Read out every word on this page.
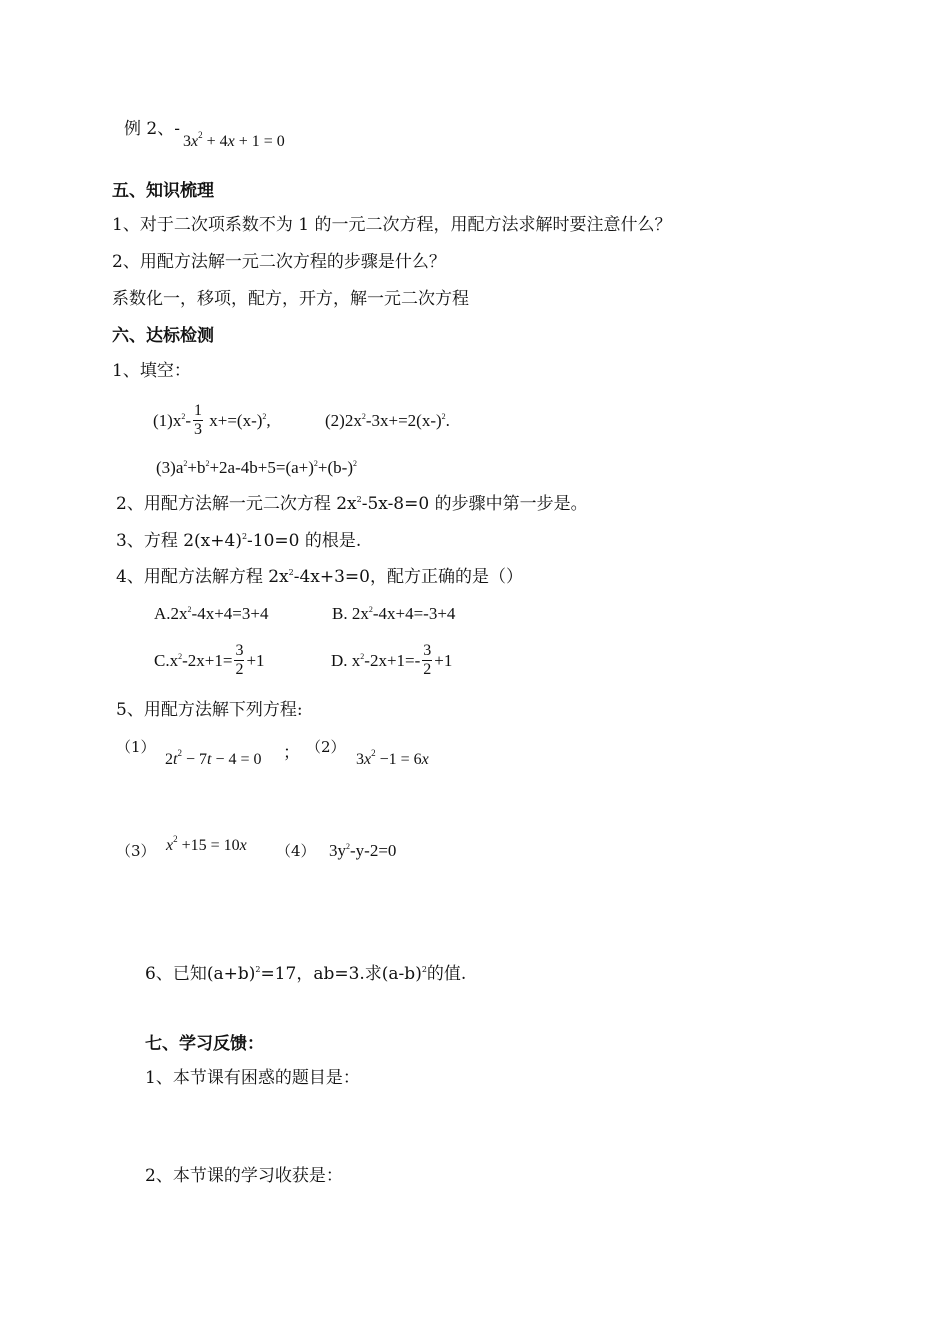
例 2、-
$3x^2 + 4x + 1 = 0$
五、知识梳理
1、对于二次项系数不为 1 的一元二次方程，用配方法求解时要注意什么？
2、用配方法解一元二次方程的步骤是什么？
系数化一，移项，配方，开方，解一元二次方程
六、达标检测
1、填空：
$(1)x^2- \frac{1}{3} x+=(x-)^2$,	$(2)2x^2-3x+=2(x-)^2$.
$(3)a^2+b^2+2a-4b+5=(a+)^2+(b-)^2$
2、用配方法解一元二次方程 $2x^2-5x-8=0$ 的步骤中第一步是。
3、方程 $2(x+4)^2-10=0$ 的根是.
4、用配方法解方程 $2x^2-4x+3=0$，配方正确的是（）
$A.2x^2-4x+4=3+4$	B. $2x^2-4x+4=-3+4$
$C.x^2-2x+1= \frac{3}{2} +1$	D. $x^2-2x+1=- \frac{3}{2} +1$
5、用配方法解下列方程:
（1）
$2t^2 - 7t - 4 = 0$ ； （2）
$3x^2 -1 = 6x$
（3） $x^2 +15 = 10x$ （4） $3y^2-y-2=0$
6、已知$(a+b)^2=17$，ab=3.求$(a-b)^2$的值.
七、学习反馈：
1、本节课有困惑的题目是：
2、本节课的学习收获是：
